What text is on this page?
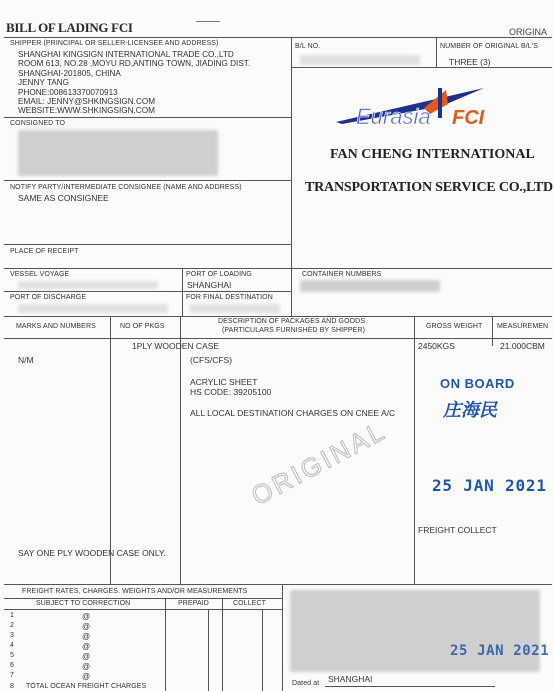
BILL OF LADING FCI	ORIGINA
SHIPPER (PRINCIPAL OR SELLER-LICENSEE AND ADDRESS)
SHANGHAI KINGSIGN INTERNATIONAL TRADE CO.,LTD
ROOM 613, NO.28 ,MOYU RD,ANTING TOWN, JIADING DIST.
SHANGHAI-201805, CHINA
JENNY TANG
PHONE:008613370070913
EMAIL: JENNY@SHKINGSIGN.COM
WEBSITE:WWW.SHKINGSIGN.COM
B/L NO.	NUMBER OF ORIGINAL B/L'S
THREE (3)
Eurasia FCI
FAN CHENG INTERNATIONAL
TRANSPORTATION SERVICE CO.,LTD
CONSIGNED TO
NOTIFY PARTY/INTERMEDIATE CONSIGNEE (NAME AND ADDRESS)
SAME AS CONSIGNEE
PLACE OF RECEIPT
VESSEL VOYAGE	PORT OF LOADING
SHANGHAI
CONTAINER NUMBERS
PORT OF DISCHARGE	FOR FINAL DESTINATION
MARKS AND NUMBERS	NO OF PKGS
DESCRIPTION OF PACKAGES AND GOODS
(PARTICULARS FURNISHED BY SHIPPER)
GROSS WEIGHT MEASUREMEN
N/M
1PLY WOODEN CASE
(CFS/CFS)
ACRYLIC SHEET
HS CODE: 39205100
ALL LOCAL DESTINATION CHARGES ON CNEE A/C
2450KGS	21.000CBM
FREIGHT COLLECT
SAY ONE PLY WOODEN CASE ONLY.
ON BOARD
庄海民
25 JAN 2021
ORIGINAL
FREIGHT RATES, CHARGES. WEIGHTS AND/OR MEASUREMENTS
SUBJECT TO CORRECTION	PREPAID	COLLECT
1	@
2	@
3	@
4	@
5	@
6	@
7	@
8 TOTAL OCEAN FREIGHT CHARGES
25 JAN 2021
Dated at SHANGHAI
